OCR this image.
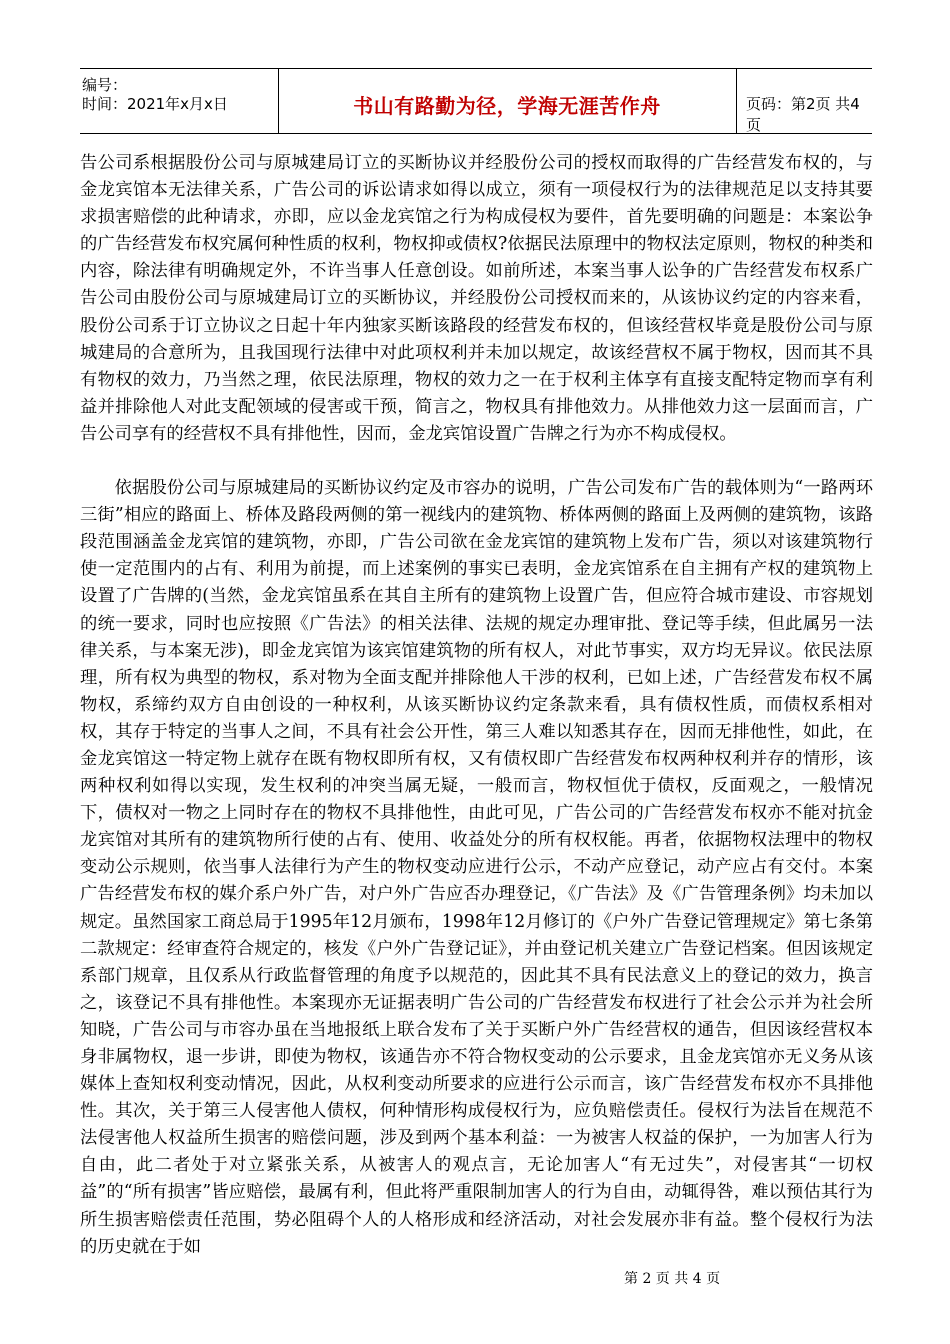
编号：
时间：2021年x月x日	书山有路勤为径，学海无涯苦作舟	页码：第2页 共4页

告公司系根据股份公司与原城建局订立的买断协议并经股份公司的授权而取得的广告经营发布权的，与金龙宾馆本无法律关系，广告公司的诉讼请求如得以成立，须有一项侵权行为的法律规范足以支持其要求损害赔偿的此种请求，亦即，应以金龙宾馆之行为构成侵权为要件，首先要明确的问题是：本案讼争的广告经营发布权究属何种性质的权利，物权抑或债权?依据民法原理中的物权法定原则，物权的种类和内容，除法律有明确规定外，不许当事人任意创设。如前所述，本案当事人讼争的广告经营发布权系广告公司由股份公司与原城建局订立的买断协议，并经股份公司授权而来的，从该协议约定的内容来看，股份公司系于订立协议之日起十年内独家买断该路段的经营发布权的，但该经营权毕竟是股份公司与原城建局的合意所为，且我国现行法律中对此项权利并未加以规定，故该经营权不属于物权，因而其不具有物权的效力，乃当然之理，依民法原理，物权的效力之一在于权利主体享有直接支配特定物而享有利益并排除他人对此支配领域的侵害或干预，简言之，物权具有排他效力。从排他效力这一层面而言，广告公司享有的经营权不具有排他性，因而，金龙宾馆设置广告牌之行为亦不构成侵权。

依据股份公司与原城建局的买断协议约定及市容办的说明，广告公司发布广告的载体则为“一路两环三街”相应的路面上、桥体及路段两侧的第一视线内的建筑物、桥体两侧的路面上及两侧的建筑物，该路段范围涵盖金龙宾馆的建筑物，亦即，广告公司欲在金龙宾馆的建筑物上发布广告，须以对该建筑物行使一定范围内的占有、利用为前提，而上述案例的事实已表明，金龙宾馆系在自主拥有产权的建筑物上设置了广告牌的(当然，金龙宾馆虽系在其自主所有的建筑物上设置广告，但应符合城市建设、市容规划的统一要求，同时也应按照《广告法》的相关法律、法规的规定办理审批、登记等手续，但此属另一法律关系，与本案无涉)，即金龙宾馆为该宾馆建筑物的所有权人，对此节事实，双方均无异议。依民法原理，所有权为典型的物权，系对物为全面支配并排除他人干涉的权利，已如上述，广告经营发布权不属物权，系缔约双方自由创设的一种权利，从该买断协议约定条款来看，具有债权性质，而债权系相对权，其存于特定的当事人之间，不具有社会公开性，第三人难以知悉其存在，因而无排他性，如此，在金龙宾馆这一特定物上就存在既有物权即所有权，又有债权即广告经营发布权两种权利并存的情形，该两种权利如得以实现，发生权利的冲突当属无疑，一般而言，物权恒优于债权，反面观之，一般情况下，债权对一物之上同时存在的物权不具排他性，由此可见，广告公司的广告经营发布权亦不能对抗金龙宾馆对其所有的建筑物所行使的占有、使用、收益处分的所有权权能。再者，依据物权法理中的物权变动公示规则，依当事人法律行为产生的物权变动应进行公示，不动产应登记，动产应占有交付。本案广告经营发布权的媒介系户外广告，对户外广告应否办理登记，《广告法》及《广告管理条例》均未加以规定。虽然国家工商总局于1995年12月颁布，1998年12月修订的《户外广告登记管理规定》第七条第二款规定：经审查符合规定的，核发《户外广告登记证》，并由登记机关建立广告登记档案。但因该规定系部门规章，且仅系从行政监督管理的角度予以规范的，因此其不具有民法意义上的登记的效力，换言之，该登记不具有排他性。本案现亦无证据表明广告公司的广告经营发布权进行了社会公示并为社会所知晓，广告公司与市容办虽在当地报纸上联合发布了关于买断户外广告经营权的通告，但因该经营权本身非属物权，退一步讲，即使为物权，该通告亦不符合物权变动的公示要求，且金龙宾馆亦无义务从该媒体上查知权利变动情况，因此，从权利变动所要求的应进行公示而言，该广告经营发布权亦不具排他性。其次，关于第三人侵害他人债权，何种情形构成侵权行为，应负赔偿责任。侵权行为法旨在规范不法侵害他人权益所生损害的赔偿问题，涉及到两个基本利益：一为被害人权益的保护，一为加害人行为自由，此二者处于对立紧张关系，从被害人的观点言，无论加害人“有无过失”，对侵害其“一切权益”的“所有损害”皆应赔偿，最属有利，但此将严重限制加害人的行为自由，动辄得咎，难以预估其行为所生损害赔偿责任范围，势必阻碍个人的人格形成和经济活动，对社会发展亦非有益。整个侵权行为法的历史就在于如

第 2 页 共 4 页
